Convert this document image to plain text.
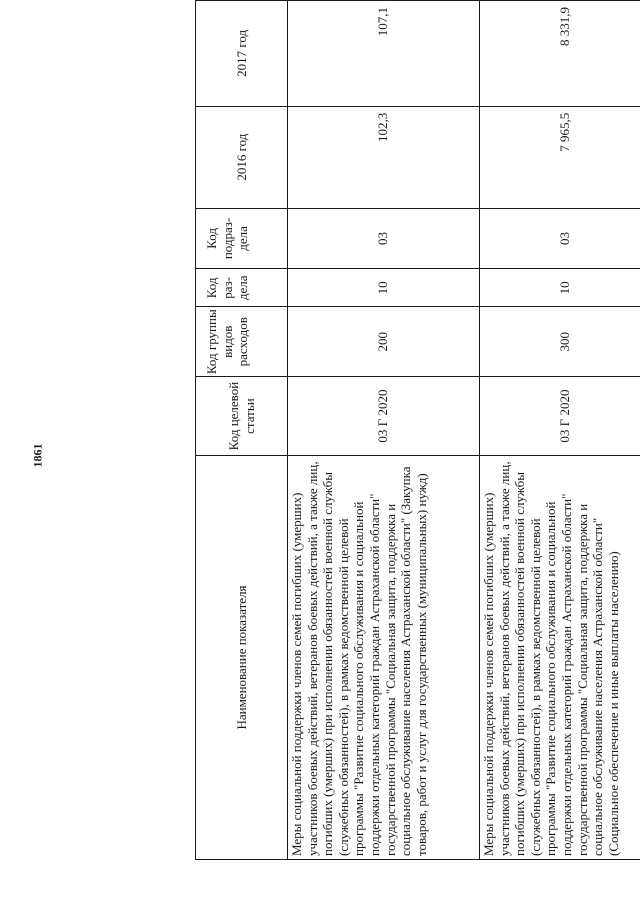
1861
Наименование показателя
Код целевой статьи
Код группы видов расходов
Код раз-дела
Код подраз-дела
2016 год
2017 год
Меры социальной поддержки членов семей погибших (умерших) участников боевых действий, ветеранов боевых действий, а также лиц, погибших (умерших) при исполнении обязанностей военной службы (служебных обязанностей), в рамках ведомственной целевой программы "Развитие социального обслуживания и социальной поддержки отдельных категорий граждан Астраханской области" государственной программы "Социальная защита, поддержка и социальное обслуживание населения Астраханской области" (Закупка товаров, работ и услуг для государственных (муниципальных) нужд)
03 Г 2020
200
10
03
102,3
107,1
Меры социальной поддержки членов семей погибших (умерших) участников боевых действий, ветеранов боевых действий, а также лиц, погибших (умерших) при исполнении обязанностей военной службы (служебных обязанностей), в рамках ведомственной целевой программы "Развитие социального обслуживания и социальной поддержки отдельных категорий граждан Астраханской области" государственной программы "Социальная защита, поддержка и социальное обслуживание населения Астраханской области" (Социальное обеспечение и иные выплаты населению)
03 Г 2020
300
10
03
7 965,5
8 331,9
